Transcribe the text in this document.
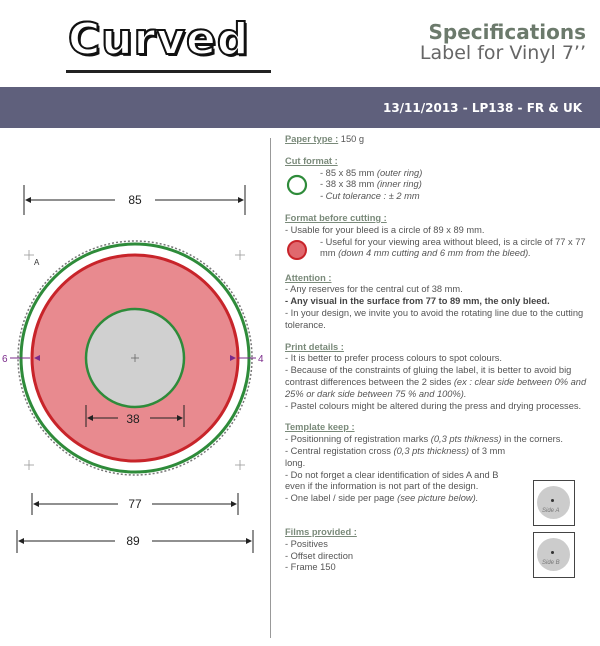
Curved	Specifications
Label for Vinyl 7’’
13/11/2013 - LP138 - FR & UK
85
A
38
6	4
77
89
Paper type : 150 g
Cut format :
- 85 x 85 mm (outer ring)
- 38 x 38 mm (inner ring)
- Cut tolerance : ± 2 mm
Format before cutting :
- Usable for your bleed is a circle of 89 x 89 mm.
- Useful for your viewing area without bleed, is a circle of 77 x 77 mm (down 4 mm cutting and 6 mm from the bleed).
Attention :
- Any reserves for the central cut of 38 mm.
- Any visual in the surface from 77 to 89 mm, the only bleed.
- In your design, we invite you to avoid the rotating line due to the cutting tolerance.
Print details :
- It is better to prefer process colours to spot colours.
- Because of the constraints of gluing the label, it is better to avoid big contrast differences between the 2 sides (ex : clear side between 0% and 25% or dark side between 75 % and 100%).
- Pastel colours might be altered during the press and drying processes.
Template keep :
- Positionning of registration marks (0,3 pts thikness) in the corners.
- Central registation cross (0,3 pts thickness) of 3 mm long.
- Do not forget a clear identification of sides A and B even if the information is not part of the design.
- One label / side per page (see picture below).
Films provided :
- Positives
- Offset direction
- Frame 150
Side A
Side B
